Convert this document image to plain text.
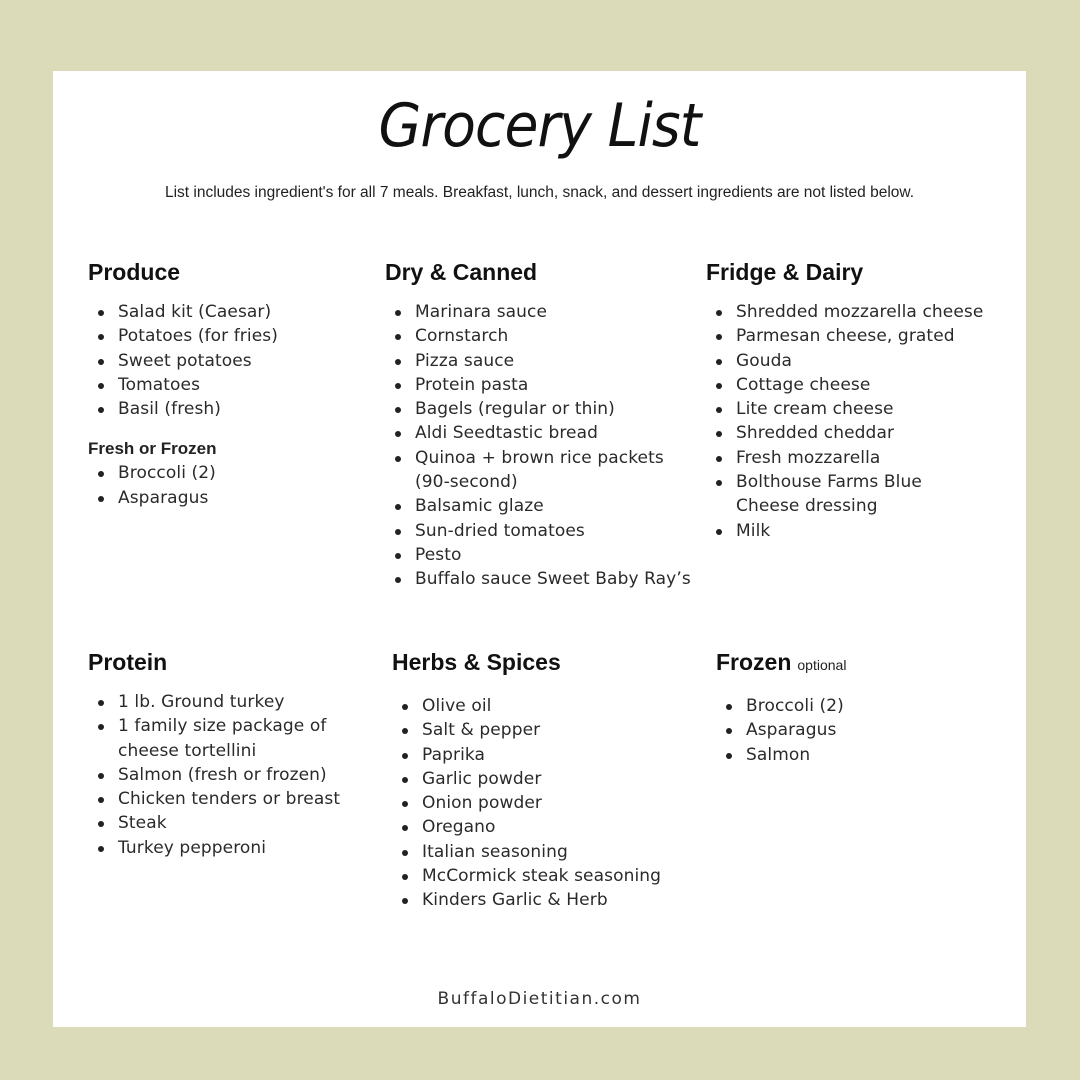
Grocery List
List includes ingredient's for all 7 meals. Breakfast, lunch, snack, and dessert ingredients are not listed below.
Produce
Salad kit (Caesar)
Potatoes (for fries)
Sweet potatoes
Tomatoes
Basil (fresh)
Fresh or Frozen
Broccoli (2)
Asparagus
Dry & Canned
Marinara sauce
Cornstarch
Pizza sauce
Protein pasta
Bagels (regular or thin)
Aldi Seedtastic bread
Quinoa + brown rice packets (90-second)
Balsamic glaze
Sun-dried tomatoes
Pesto
Buffalo sauce Sweet Baby Ray’s
Fridge & Dairy
Shredded mozzarella cheese
Parmesan cheese, grated
Gouda
Cottage cheese
Lite cream cheese
Shredded cheddar
Fresh mozzarella
Bolthouse Farms Blue Cheese dressing
Milk
Protein
1 lb. Ground turkey
1 family size package of cheese tortellini
Salmon (fresh or frozen)
Chicken tenders or breast
Steak
Turkey pepperoni
Herbs & Spices
Olive oil
Salt & pepper
Paprika
Garlic powder
Onion powder
Oregano
Italian seasoning
McCormick steak seasoning
Kinders Garlic & Herb
Frozen optional
Broccoli (2)
Asparagus
Salmon
BuffaloDietitian.com
